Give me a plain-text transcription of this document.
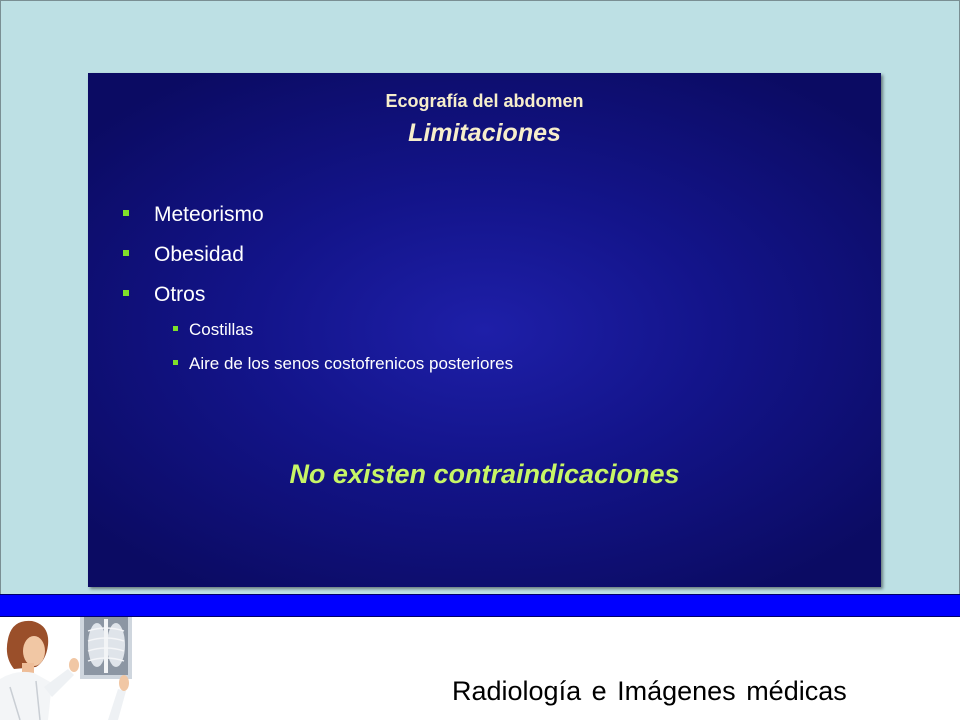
Ecografía del abdomen
Limitaciones
Meteorismo
Obesidad
Otros
Costillas
Aire de los senos costofrenicos posteriores
No existen contraindicaciones
Radiología e Imágenes médicas
